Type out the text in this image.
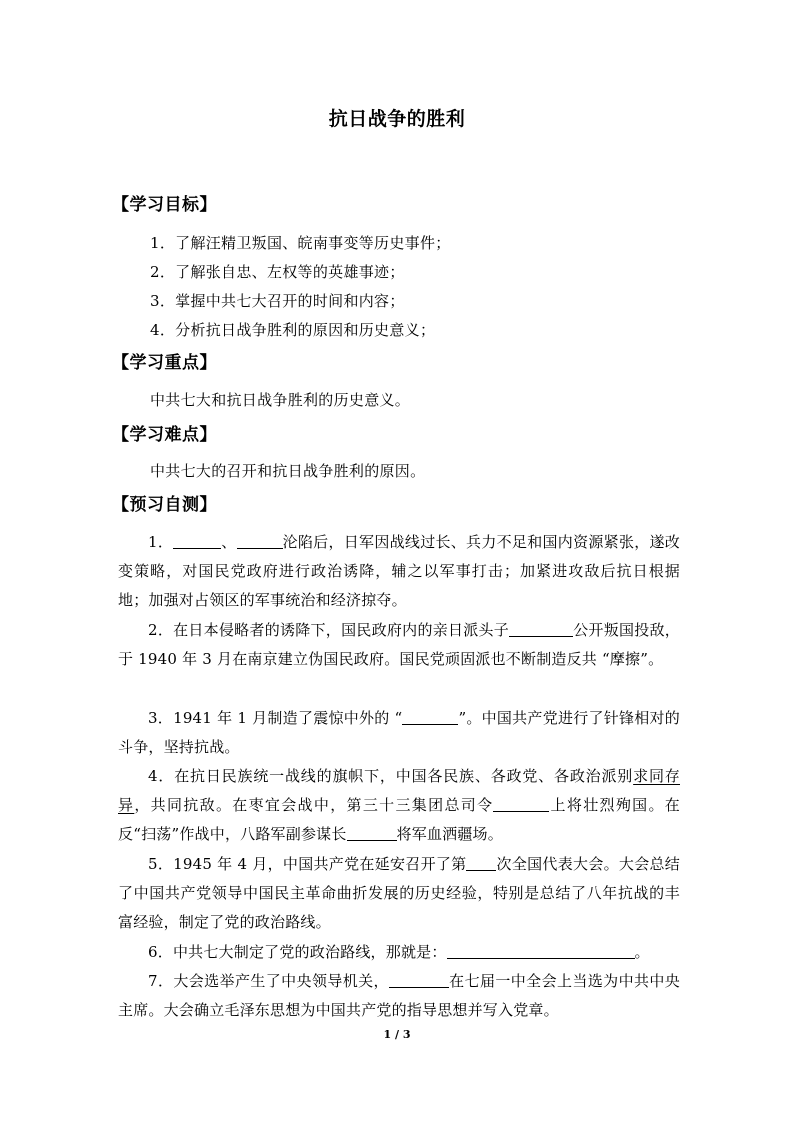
抗日战争的胜利
【学习目标】
1．了解汪精卫叛国、皖南事变等历史事件；
2．了解张自忠、左权等的英雄事迹；
3．掌握中共七大召开的时间和内容；
4．分析抗日战争胜利的原因和历史意义；
【学习重点】
中共七大和抗日战争胜利的历史意义。
【学习难点】
中共七大的召开和抗日战争胜利的原因。
【预习自测】
1．	、	沦陷后，日军因战线过长、兵力不足和国内资源紧张，遂改变策略，对国民党政府进行政治诱降，辅之以军事打击；加紧进攻敌后抗日根据地；加强对占领区的军事统治和经济掠夺。
2．在日本侵略者的诱降下，国民政府内的亲日派头子	公开叛国投敌，于 1940 年 3 月在南京建立伪国民政府。国民党顽固派也不断制造反共 “摩擦”。
3．1941 年 1 月制造了震惊中外的 “	”。中国共产党进行了针锋相对的斗争，坚持抗战。
4．在抗日民族统一战线的旗帜下，中国各民族、各政党、各政治派别求同存异，共同抗敌。在枣宜会战中，第三十三集团总司令	上将壮烈殉国。在反“扫荡”作战中，八路军副参谋长	将军血洒疆场。
5．1945 年 4 月，中国共产党在延安召开了第 次全国代表大会。大会总结了中国共产党领导中国民主革命曲折发展的历史经验，特别是总结了八年抗战的丰富经验，制定了党的政治路线。
6．中共七大制定了党的政治路线，那就是：	。
7．大会选举产生了中央领导机关，	在七届一中全会上当选为中共中央主席。大会确立毛泽东思想为中国共产党的指导思想并写入党章。
1 / 3
